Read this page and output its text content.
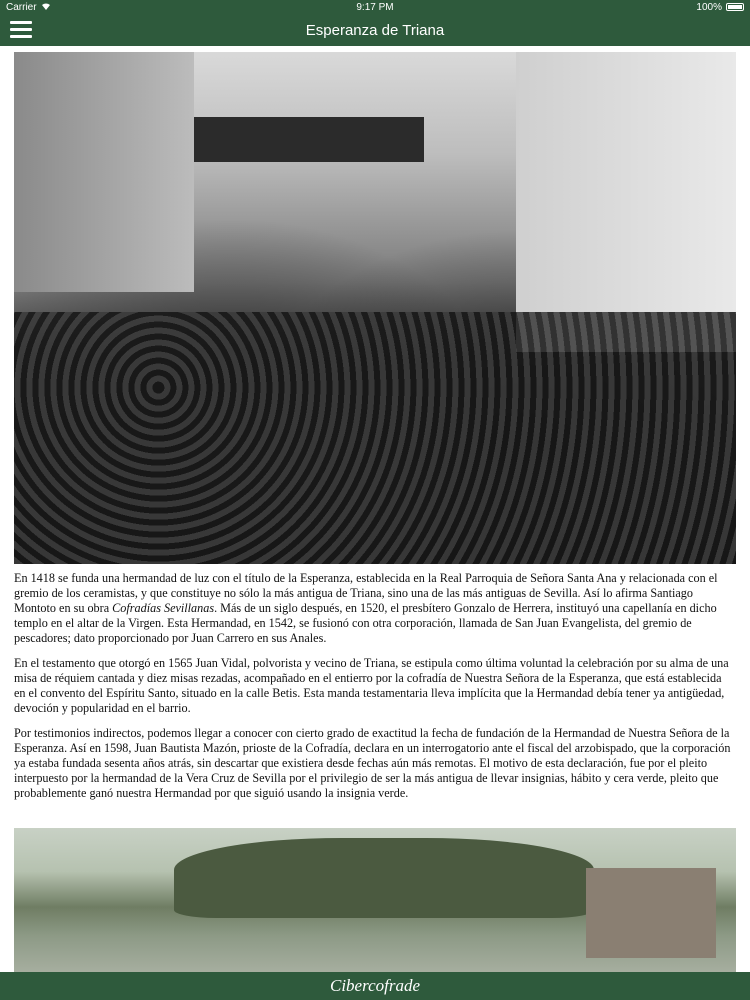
Carrier	9:17 PM	100%
Esperanza de Triana

En 1418 se funda una hermandad de luz con el título de la Esperanza, establecida en la Real Parroquia de Señora Santa Ana y relacionada con el gremio de los ceramistas, y que constituye no sólo la más antigua de Triana, sino una de las más antiguas de Sevilla. Así lo afirma Santiago Montoto en su obra Cofradías Sevillanas. Más de un siglo después, en 1520, el presbítero Gonzalo de Herrera, instituyó una capellanía en dicho templo en el altar de la Virgen. Esta Hermandad, en 1542, se fusionó con otra corporación, llamada de San Juan Evangelista, del gremio de pescadores; dato proporcionado por Juan Carrero en sus Anales.

En el testamento que otorgó en 1565 Juan Vidal, polvorista y vecino de Triana, se estipula como última voluntad la celebración por su alma de una misa de réquiem cantada y diez misas rezadas, acompañado en el entierro por la cofradía de Nuestra Señora de la Esperanza, que está establecida en el convento del Espíritu Santo, situado en la calle Betis. Esta manda testamentaria lleva implícita que la Hermandad debía tener ya antigüedad, devoción y popularidad en el barrio.

Por testimonios indirectos, podemos llegar a conocer con cierto grado de exactitud la fecha de fundación de la Hermandad de Nuestra Señora de la Esperanza. Así en 1598, Juan Bautista Mazón, prioste de la Cofradía, declara en un interrogatorio ante el fiscal del arzobispado, que la corporación ya estaba fundada sesenta años atrás, sin descartar que existiera desde fechas aún más remotas. El motivo de esta declaración, fue por el pleito interpuesto por la hermandad de la Vera Cruz de Sevilla por el privilegio de ser la más antigua de llevar insignias, hábito y cera verde, pleito que probablemente ganó nuestra Hermandad por que siguió usando la insignia verde.

Cibercofrade
